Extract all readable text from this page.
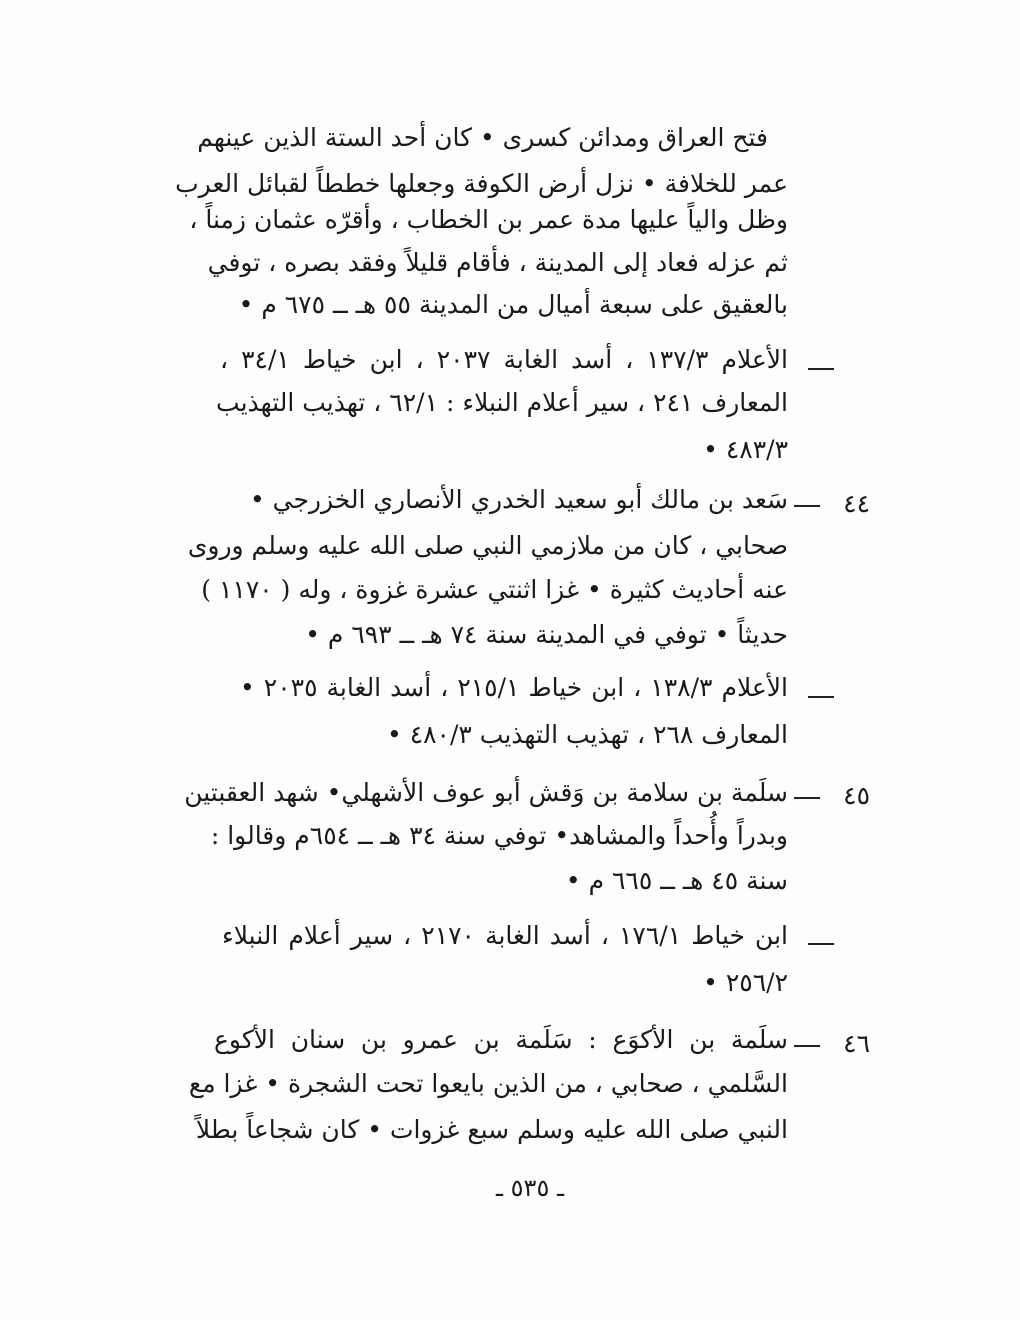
فتح العراق ومدائن كسرى • كان أحد الستة الذين عينهم
عمر للخلافة • نزل أرض الكوفة وجعلها خططاً لقبائل العرب
وظل والياً عليها مدة عمر بن الخطاب ، وأقرّه عثمان زمناً ،
ثم عزله فعاد إلى المدينة ، فأقام قليلاً وفقد بصره ، توفي
بالعقيق على سبعة أميال من المدينة ٥٥ هـ ــ ٦٧٥ م •
الأعلام ١٣٧/٣ ، أسد الغابة ٢٠٣٧ ، ابن خياط ٣٤/١ ،
المعارف ٢٤١ ، سير أعلام النبلاء : ٦٢/١ ، تهذيب التهذيب
٤٨٣/٣ •
٤٤
سَعد بن مالك أبو سعيد الخدري الأنصاري الخزرجي •
صحابي ، كان من ملازمي النبي صلى الله عليه وسلم وروى
عنه أحاديث كثيرة • غزا اثنتي عشرة غزوة ، وله ( ١١٧٠ )
حديثاً • توفي في المدينة سنة ٧٤ هـ ــ ٦٩٣ م •
الأعلام ١٣٨/٣ ، ابن خياط ٢١٥/١ ، أسد الغابة ٢٠٣٥ •
المعارف ٢٦٨ ، تهذيب التهذيب ٤٨٠/٣ •
٤٥
سلَمة بن سلامة بن وَقش أبو عوف الأشهلي• شهد العقبتين
وبدراً وأُحداً والمشاهد• توفي سنة ٣٤ هـ ــ ٦٥٤م وقالوا :
سنة ٤٥ هـ ــ ٦٦٥ م •
ابن خياط ١٧٦/١ ، أسد الغابة ٢١٧٠ ، سير أعلام النبلاء
٢٥٦/٢ •
٤٦
سلَمة بن الأكوَع : سَلَمة بن عمرو بن سنان الأكوع
السَّلمي ، صحابي ، من الذين بايعوا تحت الشجرة • غزا مع
النبي صلى الله عليه وسلم سبع غزوات • كان شجاعاً بطلاً
ـ ٥٣٥ ـ
